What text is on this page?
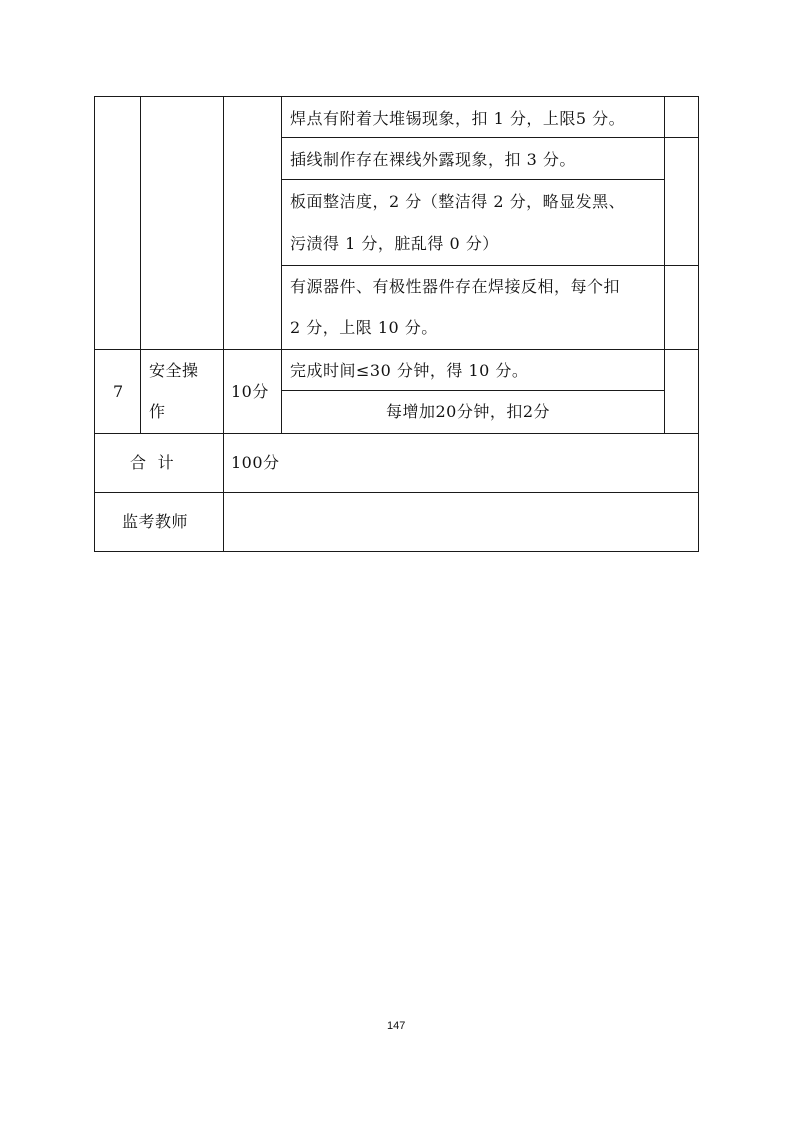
焊点有附着大堆锡现象，扣 1 分，上限5 分。
插线制作存在裸线外露现象，扣 3 分。
板面整洁度，2 分（整洁得 2 分，略显发黑、
污渍得 1 分，脏乱得 0 分）
有源器件、有极性器件存在焊接反相，每个扣
2 分，上限 10 分。
7
安全操
作
10分
完成时间≤30 分钟，得 10 分。
每增加20分钟，扣2分
合  计	100分
监考教师
147
